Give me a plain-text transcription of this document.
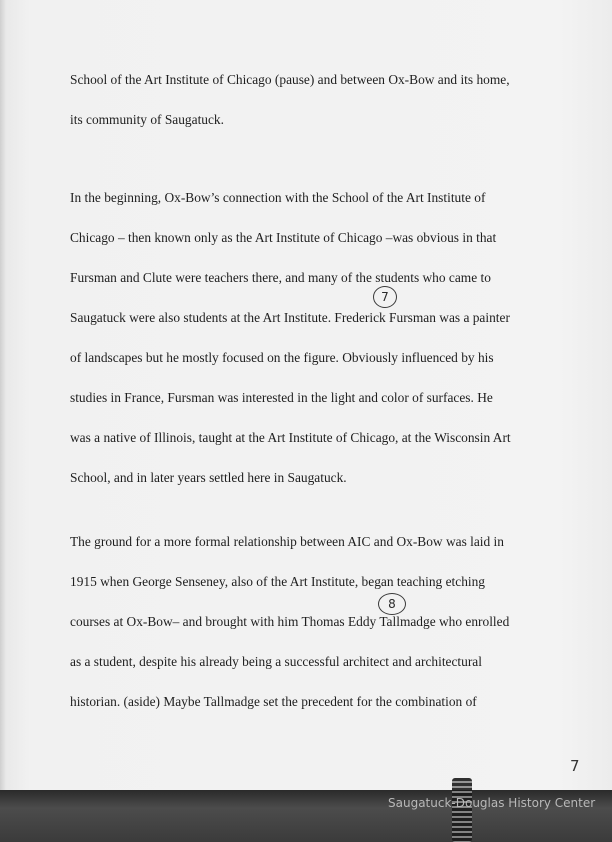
School of the Art Institute of Chicago (pause) and between Ox-Bow and its home,
its community of Saugatuck.
In the beginning, Ox-Bow’s connection with the School of the Art Institute of
Chicago – then known only as the Art Institute of Chicago –was obvious in that
Fursman and Clute were teachers there, and many of the students who came to
Saugatuck were also students at the Art Institute. Frederick Fursman was a painter
of landscapes but he mostly focused on the figure. Obviously influenced by his
studies in France, Fursman was interested in the light and color of surfaces. He
was a native of Illinois, taught at the Art Institute of Chicago, at the Wisconsin Art
School, and in later years settled here in Saugatuck.
The ground for a more formal relationship between AIC and Ox-Bow was laid in
1915 when George Senseney, also of the Art Institute, began teaching etching
courses at Ox-Bow– and brought with him Thomas Eddy Tallmadge who enrolled
as a student, despite his already being a successful architect and architectural
historian. (aside) Maybe Tallmadge set the precedent for the combination of
7
8
7
Saugatuck-Douglas History Center
